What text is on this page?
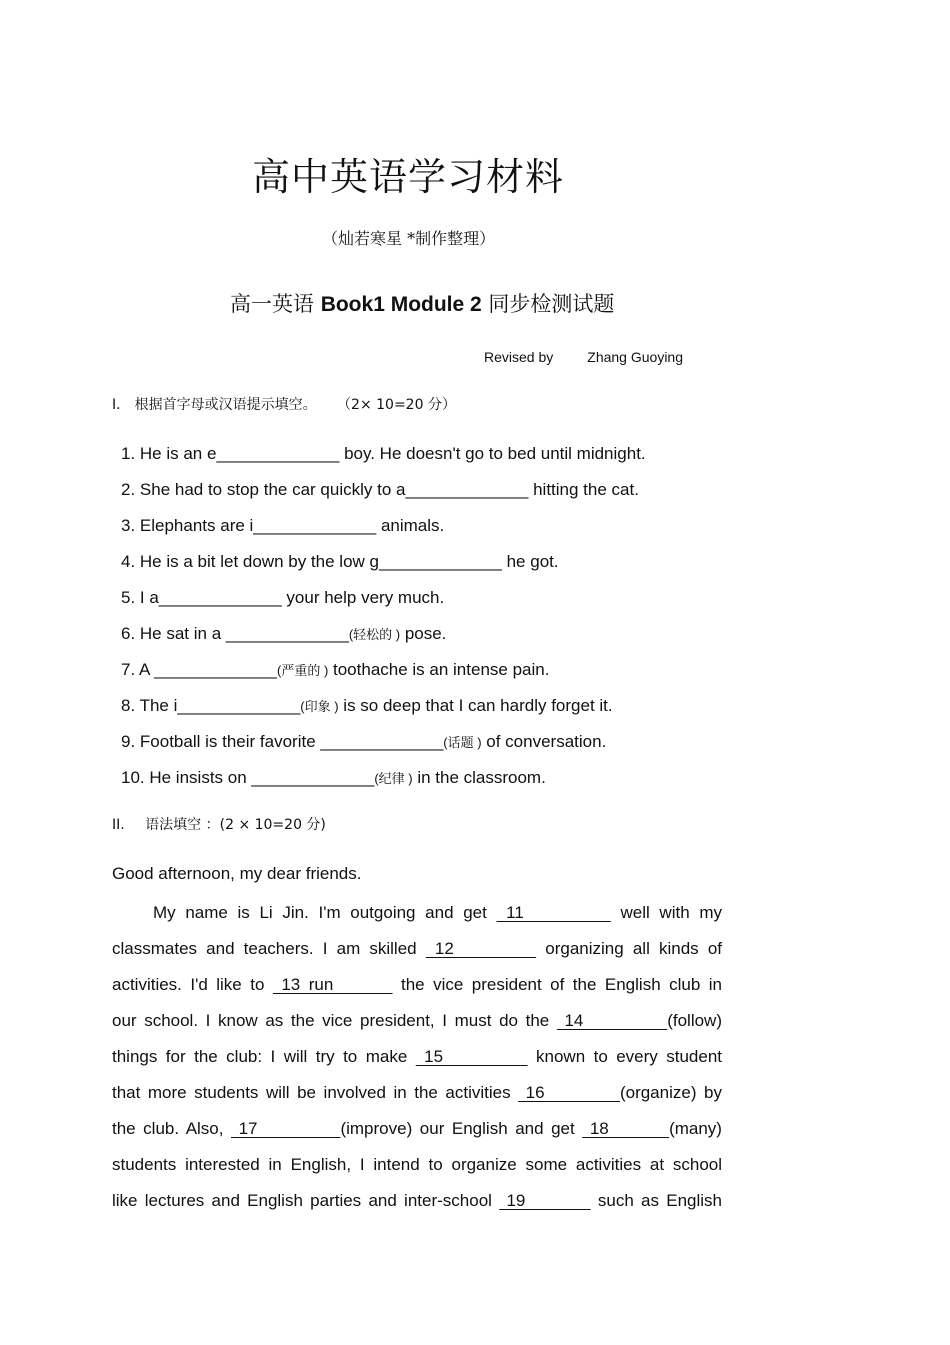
高中英语学习材料
（灿若寒星 *制作整理）
高一英语 Book1 Module 2 同步检测试题
Revised by Zhang Guoying
I． 根据首字母或汉语提示填空。 （2× 10=20 分）
1. He is an e_____________ boy. He doesn't go to bed until midnight.
2. She had to stop the car quickly to a_____________ hitting the cat.
3. Elephants are i_____________ animals.
4. He is a bit let down by the low g_____________ he got.
5. I a_____________ your help very much.
6. He sat in a _____________(轻松的 ) pose.
7. A _____________(严重的 ) toothache is an intense pain.
8. The i_____________(印象 ) is so deep that I can hardly forget it.
9. Football is their favorite _____________(话题 ) of conversation.
10. He insists on _____________(纪律 ) in the classroom.
II. 语法填空 ：(2 × 10=20 分)
Good afternoon, my dear friends.
My name is Li Jin. I'm outgoing and get  11          well with my
classmates and teachers. I am skilled  12          organizing all kinds of
activities. I'd like to  13 run        the vice president of the English club in
our school. I know as the vice president, I must do the  14           (follow)
things for the club: I will try to make  15           known to every student
that more students will be involved in the activities  16          (organize) by
the club. Also,  17           (improve) our English and get  18        (many)
students interested in English, I intend to organize some activities at school
like lectures and English parties and inter-school  19          such as English
